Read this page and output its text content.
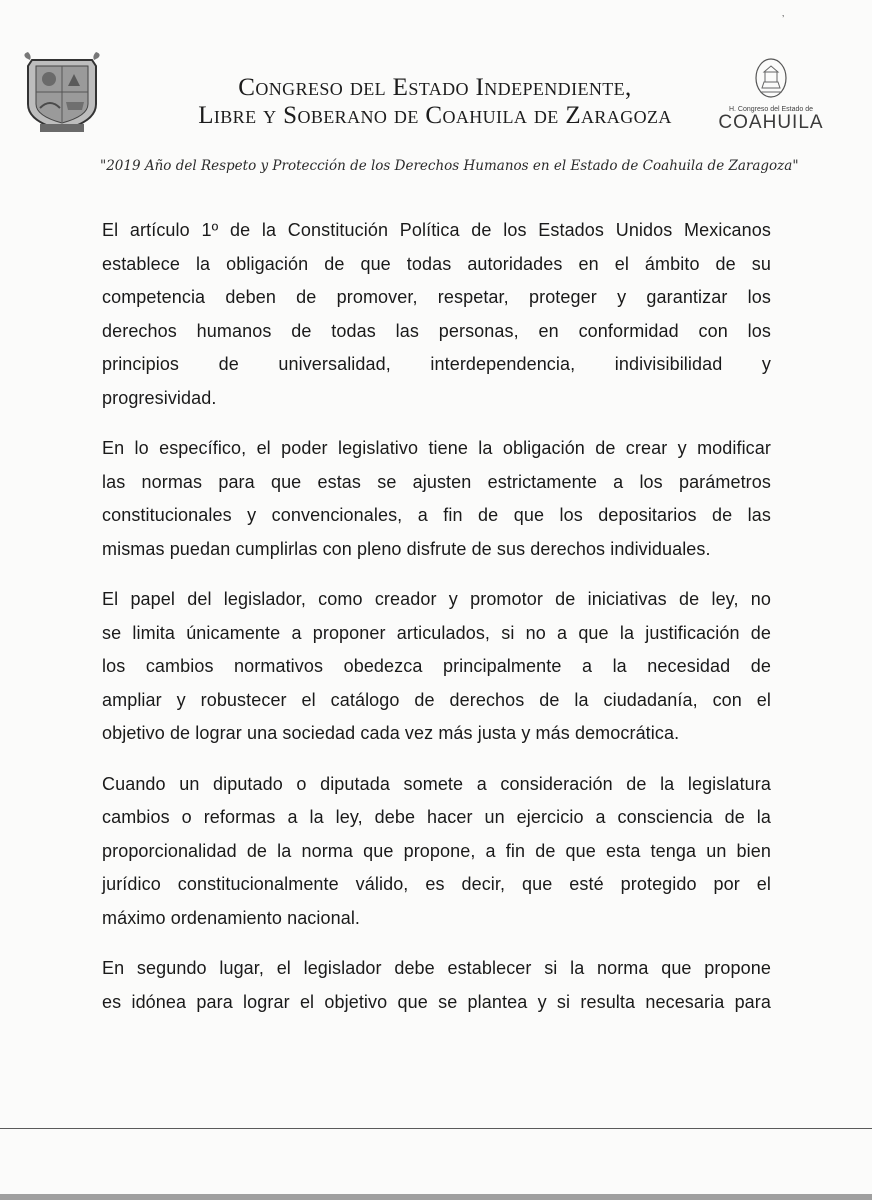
Congreso del Estado Independiente,
Libre y Soberano de Coahuila de Zaragoza	H. Congreso del Estado de
COAHUILA
’
"2019 Año del Respeto y Protección de los Derechos Humanos en el Estado de Coahuila de Zaragoza"
El artículo 1º de la Constitución Política de los Estados Unidos Mexicanos
establece la obligación de que todas autoridades en el ámbito de su
competencia deben de promover, respetar, proteger y garantizar los
derechos humanos de todas las personas, en conformidad con los
principios de universalidad, interdependencia, indivisibilidad y
progresividad.
En lo específico, el poder legislativo tiene la obligación de crear y modificar
las normas para que estas se ajusten estrictamente a los parámetros
constitucionales y convencionales, a fin de que los depositarios de las
mismas puedan cumplirlas con pleno disfrute de sus derechos individuales.
El papel del legislador, como creador y promotor de iniciativas de ley, no
se limita únicamente a proponer articulados, si no a que la justificación de
los cambios normativos obedezca principalmente a la necesidad de
ampliar y robustecer el catálogo de derechos de la ciudadanía, con el
objetivo de lograr una sociedad cada vez más justa y más democrática.
Cuando un diputado o diputada somete a consideración de la legislatura
cambios o reformas a la ley, debe hacer un ejercicio a consciencia de la
proporcionalidad de la norma que propone, a fin de que esta tenga un bien
jurídico constitucionalmente válido, es decir, que esté protegido por el
máximo ordenamiento nacional.
En segundo lugar, el legislador debe establecer si la norma que propone
es idónea para lograr el objetivo que se plantea y si resulta necesaria para
